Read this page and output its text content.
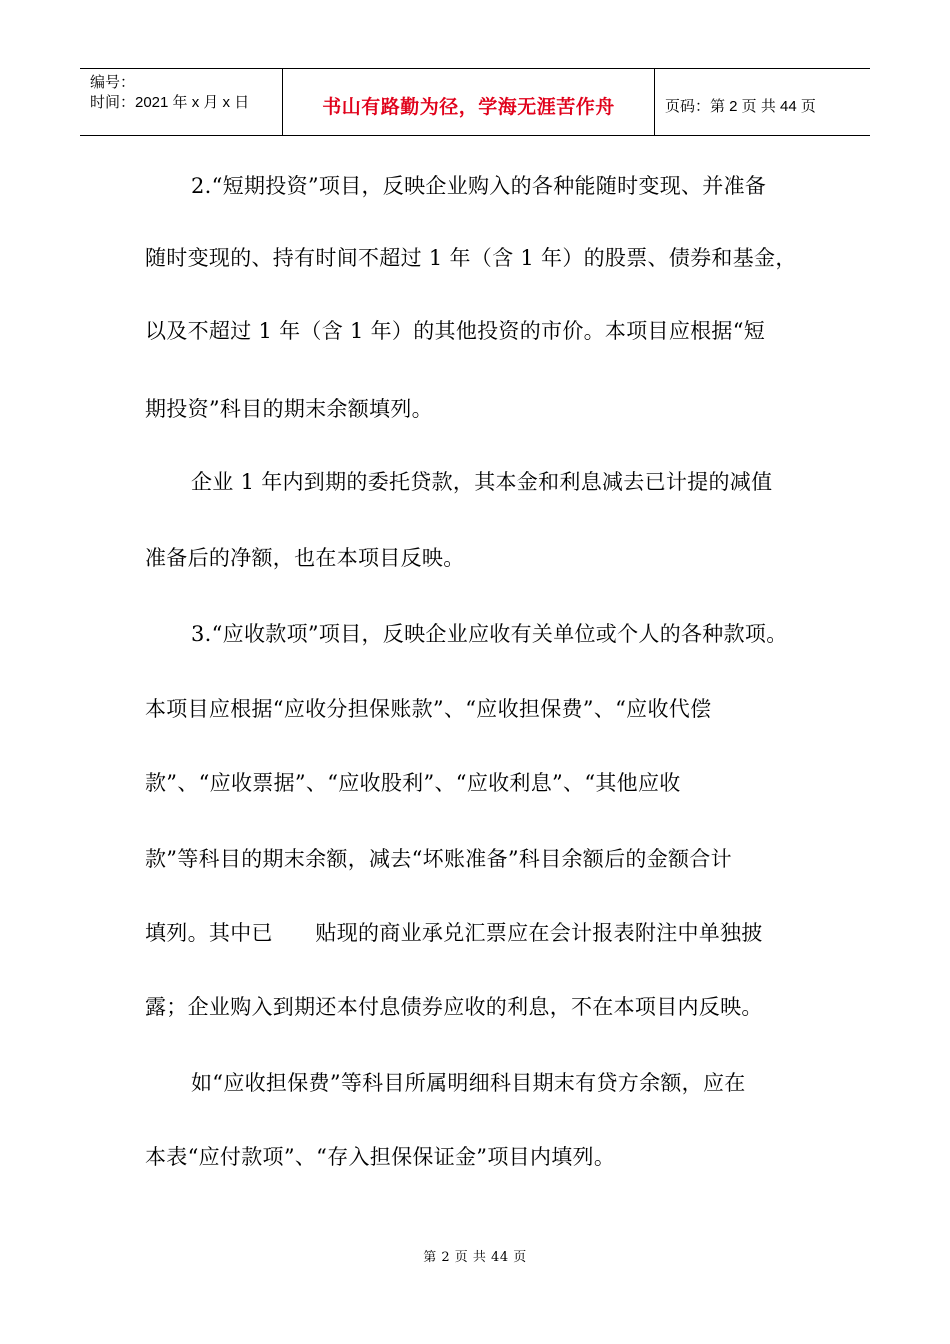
编号：
时间：2021 年 x 月 x 日	书山有路勤为径，学海无涯苦作舟	页码：第 2 页 共 44 页
2.“短期投资”项目，反映企业购入的各种能随时变现、并准备
随时变现的、持有时间不超过 1 年（含 1 年）的股票、债券和基金，
以及不超过 1 年（含 1 年）的其他投资的市价。本项目应根据“短
期投资”科目的期末余额填列。
企业 1 年内到期的委托贷款，其本金和利息减去已计提的减值
准备后的净额，也在本项目反映。
3.“应收款项”项目，反映企业应收有关单位或个人的各种款项。
本项目应根据“应收分担保账款”、“应收担保费”、“应收代偿
款”、“应收票据”、“应收股利”、“应收利息”、“其他应收
款”等科目的期末余额，减去“坏账准备”科目余额后的金额合计
填列。其中已　　贴现的商业承兑汇票应在会计报表附注中单独披
露；企业购入到期还本付息债券应收的利息，不在本项目内反映。
如“应收担保费”等科目所属明细科目期末有贷方余额，应在
本表“应付款项”、“存入担保保证金”项目内填列。
第 2 页 共 44 页
